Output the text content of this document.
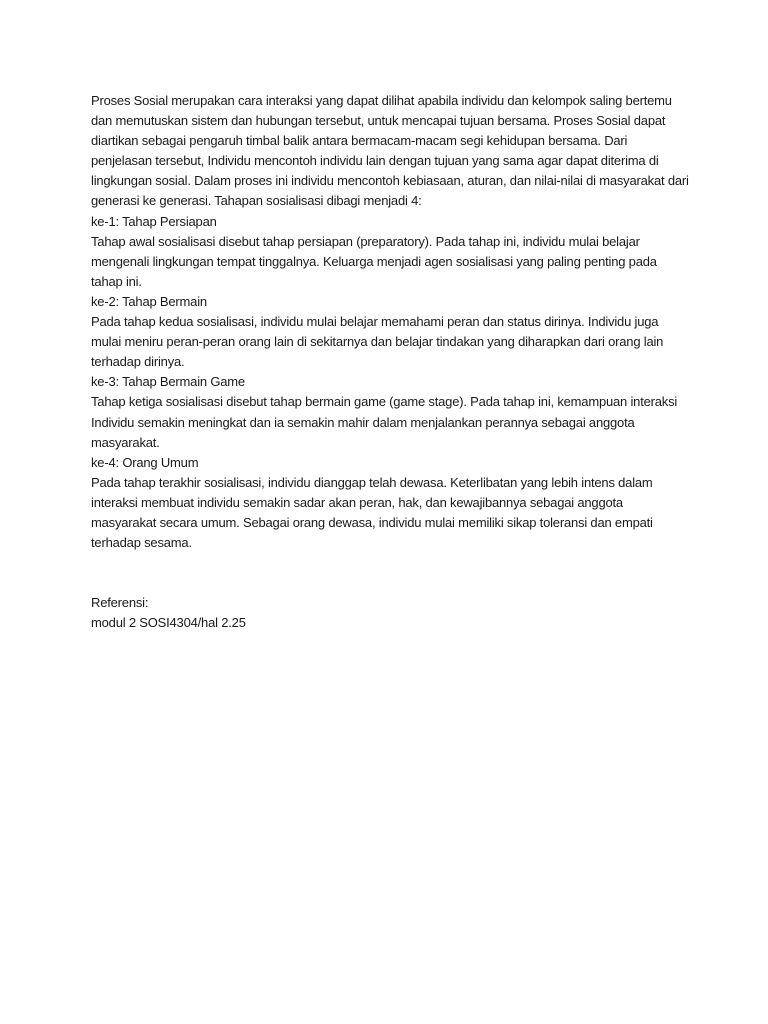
Proses Sosial merupakan cara interaksi yang dapat dilihat apabila individu dan kelompok saling bertemu dan memutuskan sistem dan hubungan tersebut, untuk mencapai tujuan bersama. Proses Sosial dapat diartikan sebagai pengaruh timbal balik antara bermacam-macam segi kehidupan bersama. Dari penjelasan tersebut, Individu mencontoh individu lain dengan tujuan yang sama agar dapat diterima di lingkungan sosial. Dalam proses ini individu mencontoh kebiasaan, aturan, dan nilai-nilai di masyarakat dari generasi ke generasi. Tahapan sosialisasi dibagi menjadi 4:

ke-1: Tahap Persiapan

Tahap awal sosialisasi disebut tahap persiapan (preparatory). Pada tahap ini, individu mulai belajar mengenali lingkungan tempat tinggalnya. Keluarga menjadi agen sosialisasi yang paling penting pada tahap ini.

ke-2: Tahap Bermain

Pada tahap kedua sosialisasi, individu mulai belajar memahami peran dan status dirinya. Individu juga mulai meniru peran-peran orang lain di sekitarnya dan belajar tindakan yang diharapkan dari orang lain terhadap dirinya.

ke-3: Tahap Bermain Game

Tahap ketiga sosialisasi disebut tahap bermain game (game stage). Pada tahap ini, kemampuan interaksi Individu semakin meningkat dan ia semakin mahir dalam menjalankan perannya sebagai anggota masyarakat.

ke-4: Orang Umum

Pada tahap terakhir sosialisasi, individu dianggap telah dewasa. Keterlibatan yang lebih intens dalam interaksi membuat individu semakin sadar akan peran, hak, dan kewajibannya sebagai anggota masyarakat secara umum. Sebagai orang dewasa, individu mulai memiliki sikap toleransi dan empati terhadap sesama.

Referensi:

modul 2 SOSI4304/hal 2.25
